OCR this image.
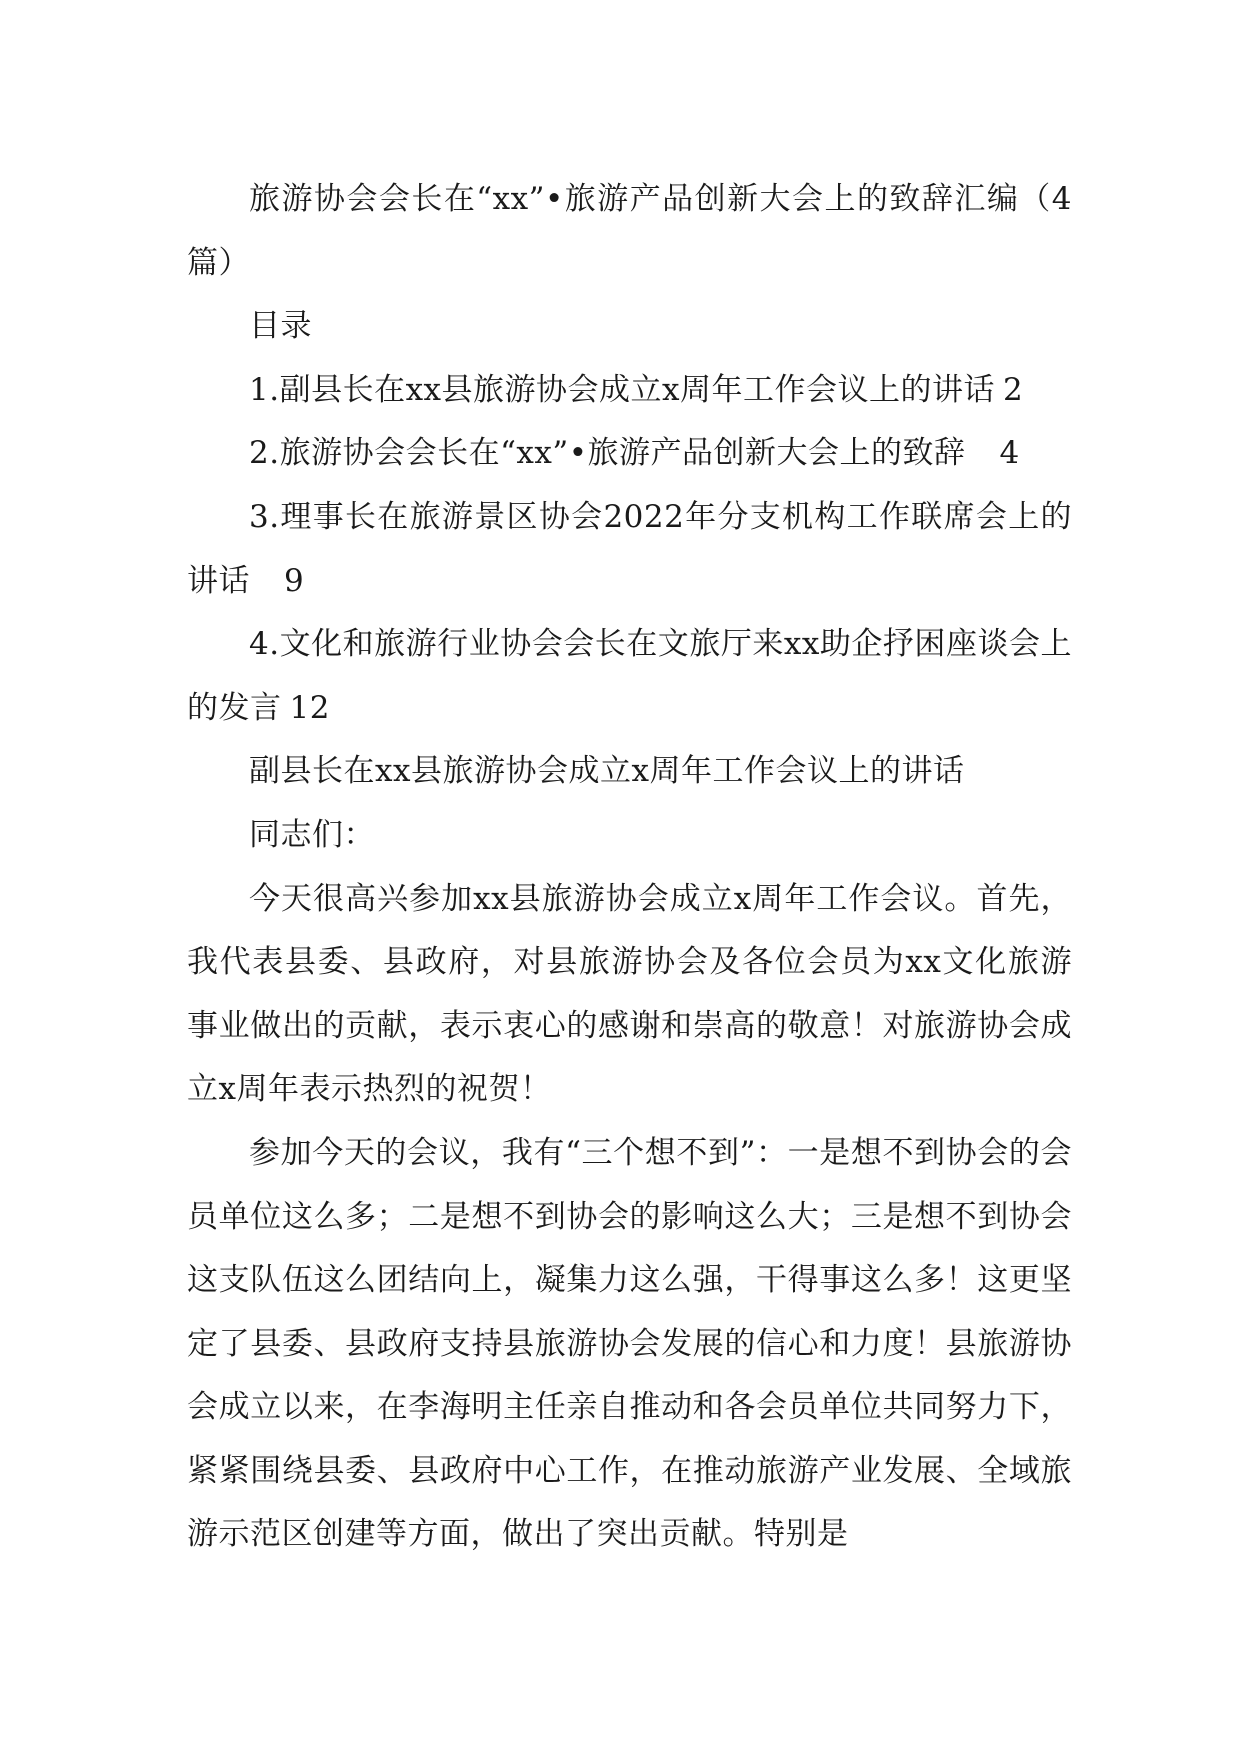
旅游协会会长在“xx”•旅游产品创新大会上的致辞汇编（4篇）

目录

1.副县长在xx县旅游协会成立x周年工作会议上的讲话 2

2.旅游协会会长在“xx”•旅游产品创新大会上的致辞 4

3.理事长在旅游景区协会2022年分支机构工作联席会上的讲话 9

4.文化和旅游行业协会会长在文旅厅来xx助企抒困座谈会上的发言 12

副县长在xx县旅游协会成立x周年工作会议上的讲话

同志们：

今天很高兴参加xx县旅游协会成立x周年工作会议。首先，我代表县委、县政府，对县旅游协会及各位会员为xx文化旅游事业做出的贡献，表示衷心的感谢和崇高的敬意！对旅游协会成立x周年表示热烈的祝贺！

参加今天的会议，我有“三个想不到”：一是想不到协会的会员单位这么多；二是想不到协会的影响这么大；三是想不到协会这支队伍这么团结向上，凝集力这么强，干得事这么多！这更坚定了县委、县政府支持县旅游协会发展的信心和力度！县旅游协会成立以来，在李海明主任亲自推动和各会员单位共同努力下，紧紧围绕县委、县政府中心工作，在推动旅游产业发展、全域旅游示范区创建等方面，做出了突出贡献。特别是
